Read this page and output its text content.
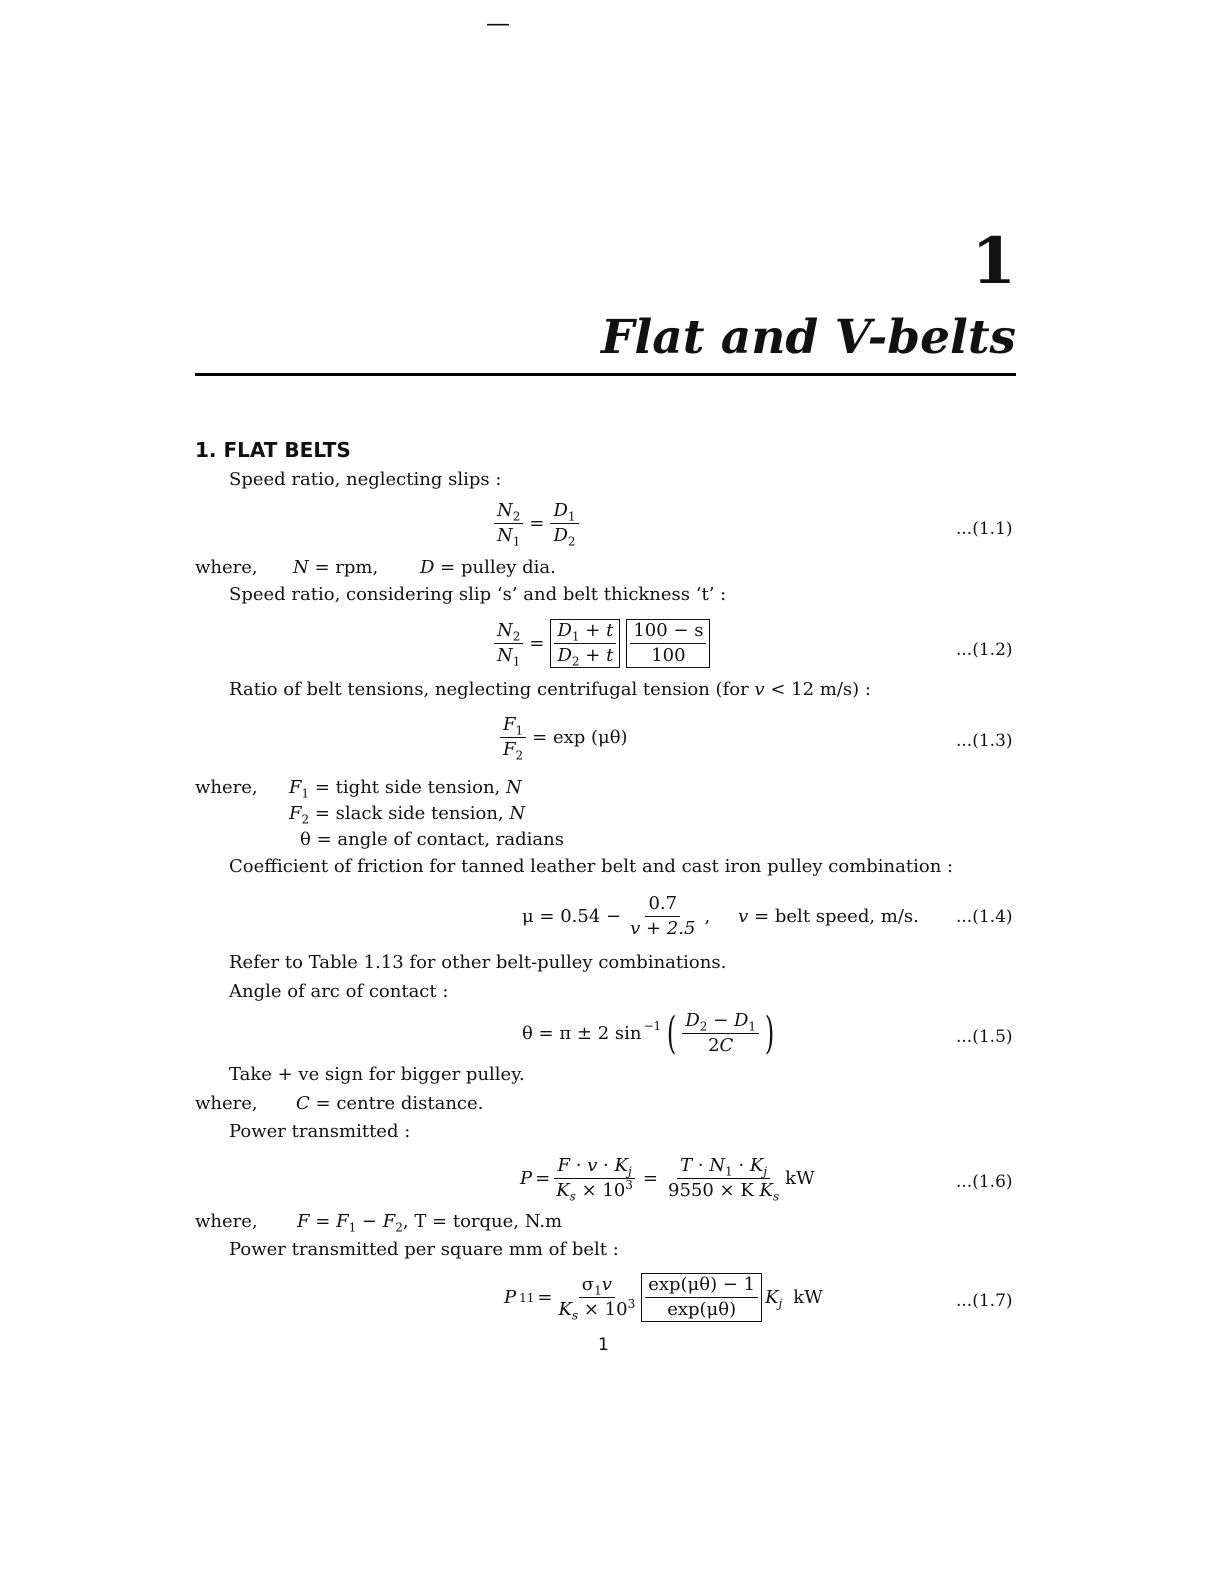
—
1
Flat and V-belts
1. FLAT BELTS
Speed ratio, neglecting slips :
$\frac{N_2}{N_1} = \frac{D_1}{D_2}$	...(1.1)
where, N = rpm, D = pulley dia.
Speed ratio, considering slip ‘s’ and belt thickness ‘t’ :
$\frac{N_2}{N_1} = \frac{D_1 + t}{D_2 + t} \frac{100 - s}{100}$	...(1.2)
Ratio of belt tensions, neglecting centrifugal tension (for v < 12 m/s) :
$\frac{F_1}{F_2} = \exp (\mu\theta)$	...(1.3)
where, $F_1$ = tight side tension, N
$F_2$ = slack side tension, N
θ = angle of contact, radians
Coefficient of friction for tanned leather belt and cast iron pulley combination :
$\mu = 0.54 - \frac{0.7}{v + 2.5}$ , v = belt speed, m/s. ...(1.4)
Refer to Table 1.13 for other belt-pulley combinations.
Angle of arc of contact :
θ = π ± 2 $\sin^{-1}$ ( $\frac{D_2 - D_1}{2C}$ )	...(1.5)
Take + ve sign for bigger pulley.
where, C = centre distance.
Power transmitted :
$P = \frac{F \cdot v \cdot K_j}{K_s \times 10^3} = \frac{T \cdot N_1 \cdot K_j}{9550 \times K K_s}$ kW	...(1.6)
where, $F = F_1 - F_2$, T = torque, N.m
Power transmitted per square mm of belt :
P $11 = \frac{\sigma_1v}{K_s \times 10^3} \frac{\exp(\mu\theta) - 1}{\exp(\mu\theta)} K_j$ kW	...(1.7)
1
